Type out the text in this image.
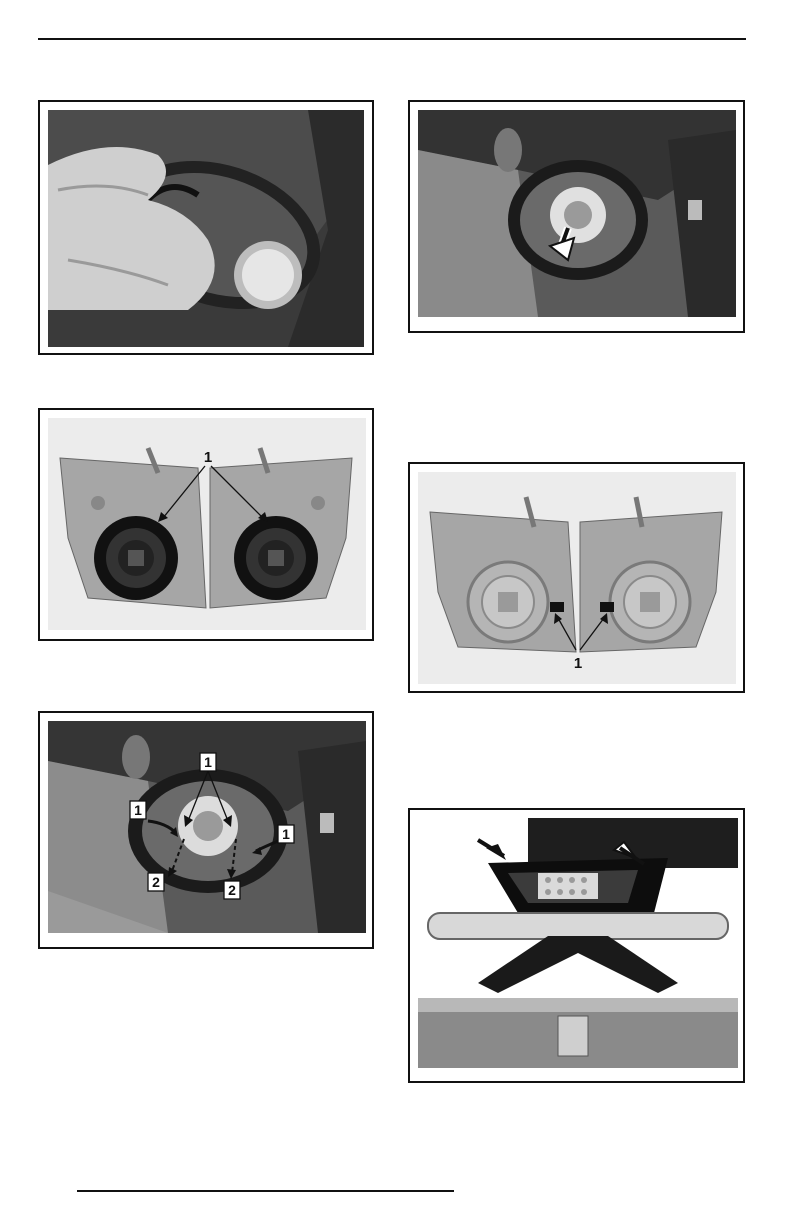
1
1
1
1
1
2	2
